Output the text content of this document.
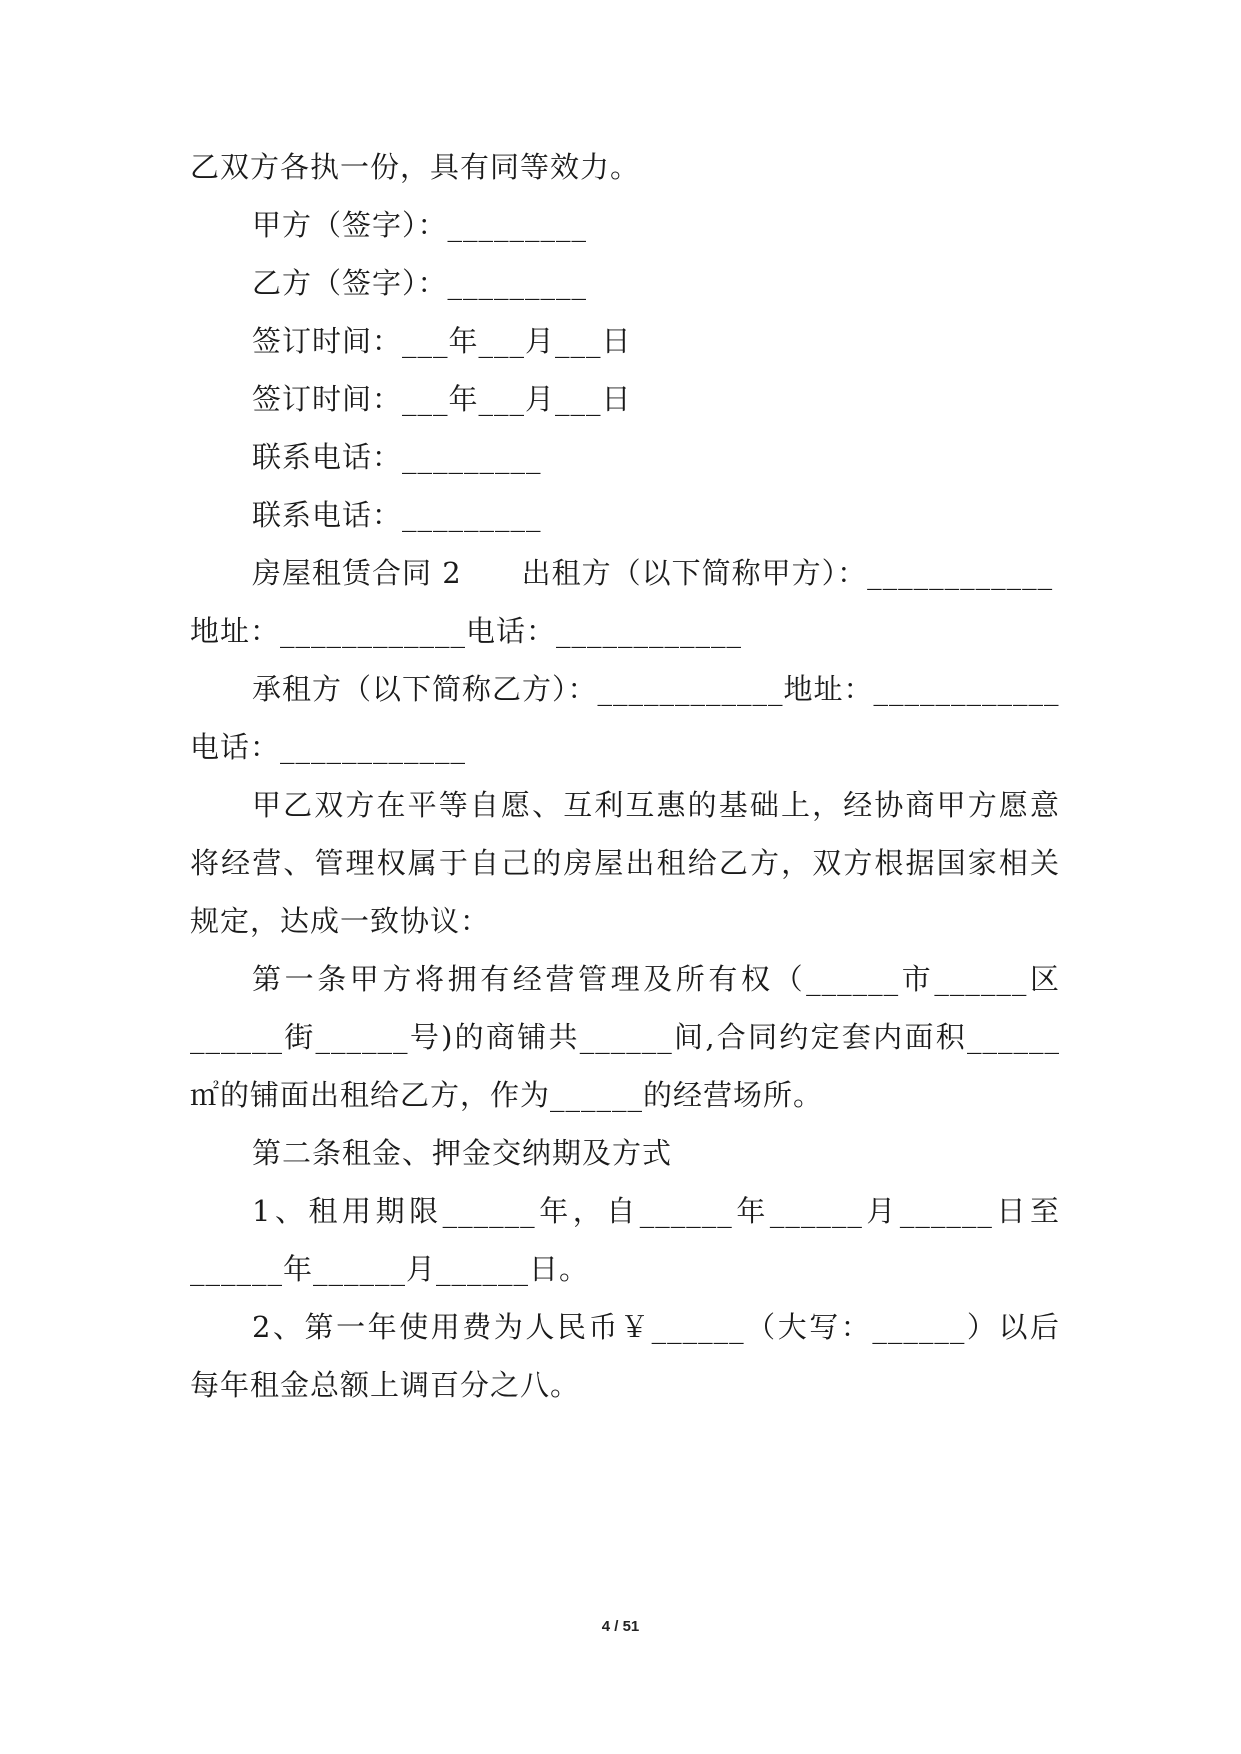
乙双方各执一份，具有同等效力。
甲方（签字）：_________
乙方（签字）：_________
签订时间：___年___月___日
签订时间：___年___月___日
联系电话：_________
联系电话：_________
房屋租赁合同 2　　出租方（以下简称甲方）：____________
地址：____________电话：____________
承租方（以下简称乙方）：____________地址：____________
电话：____________
甲乙双方在平等自愿、互利互惠的基础上，经协商甲方愿意
将经营、管理权属于自己的房屋出租给乙方，双方根据国家相关
规定，达成一致协议：
第一条甲方将拥有经营管理及所有权（______市______区
______街______号)的商铺共______间,合同约定套内面积______
㎡的铺面出租给乙方，作为______的经营场所。
第二条租金、押金交纳期及方式
1、租用期限______年，自______年______月______日至
______年______月______日。
2、第一年使用费为人民币￥______（大写：______）以后
每年租金总额上调百分之八。
4 / 51
